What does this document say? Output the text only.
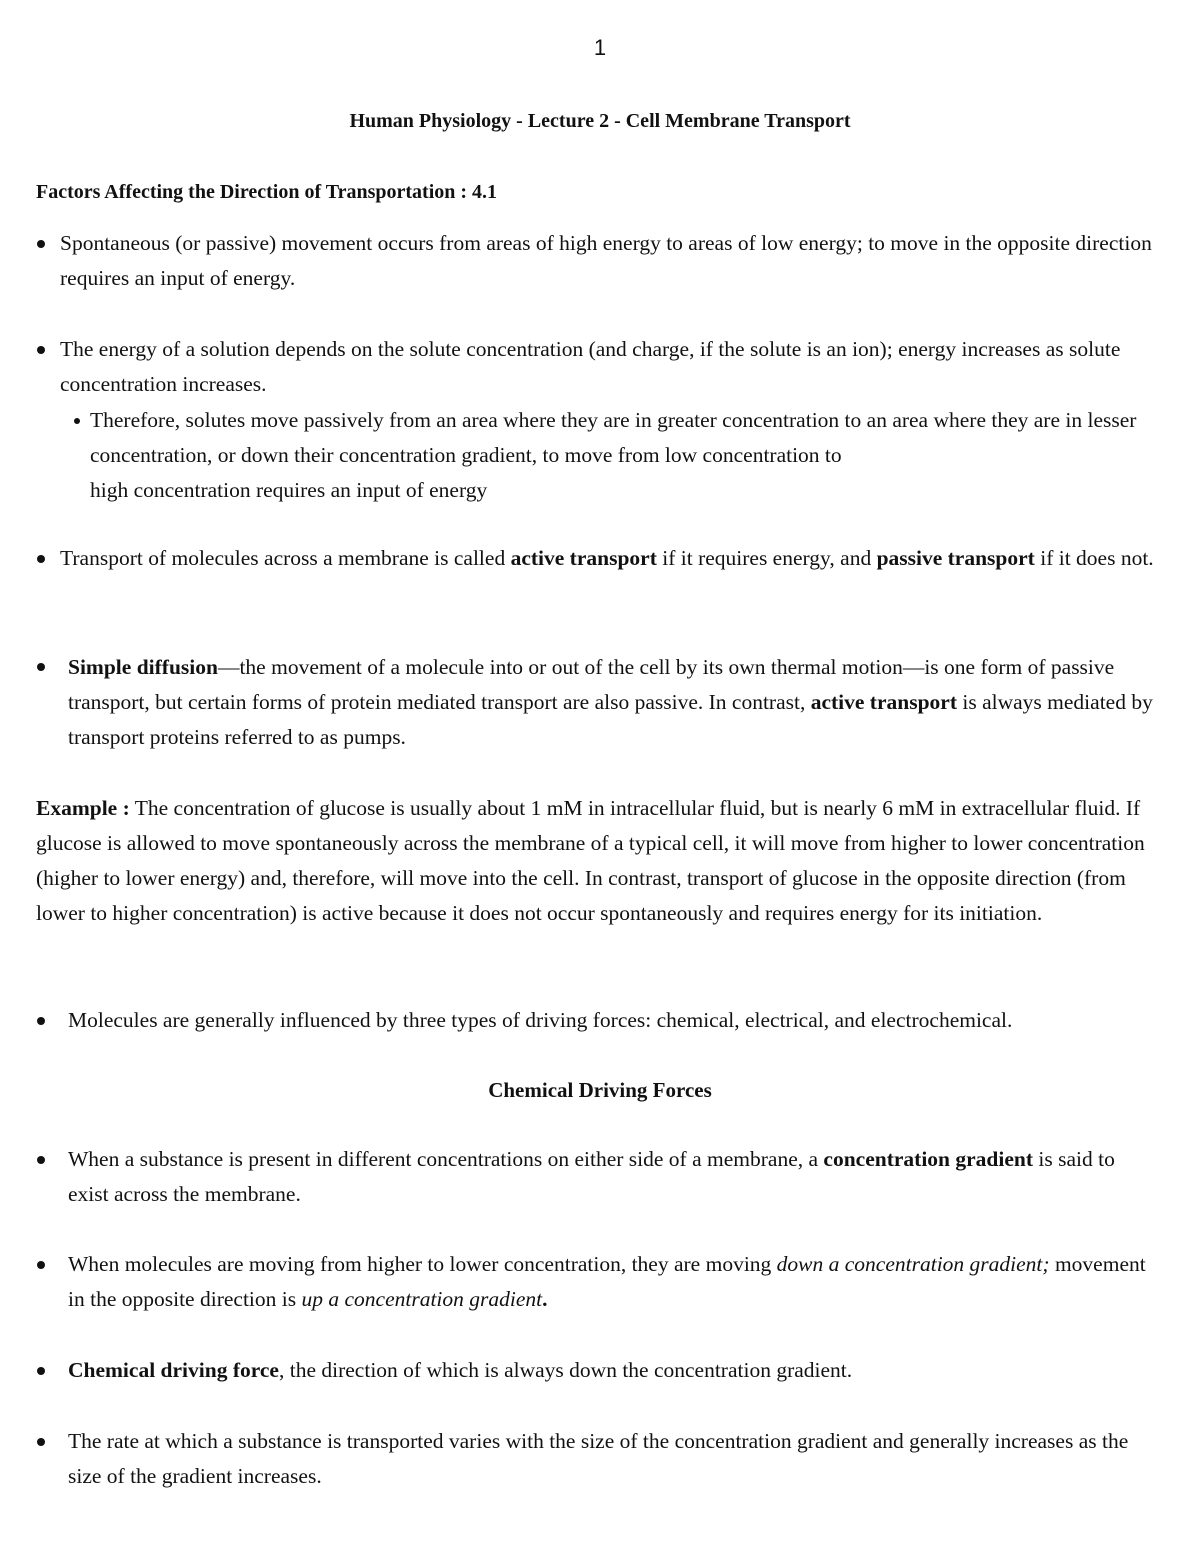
1
Human Physiology - Lecture 2 - Cell Membrane Transport
Factors Affecting the Direction of Transportation : 4.1
Spontaneous (or passive) movement occurs from areas of high energy to areas of low energy; to move in the opposite direction requires an input of energy.
The energy of a solution depends on the solute concentration (and charge, if the solute is an ion); energy increases as solute concentration increases.
Therefore, solutes move passively from an area where they are in greater concentration to an area where they are in lesser concentration, or down their concentration gradient, to move from low concentration to
high concentration requires an input of energy
Transport of molecules across a membrane is called active transport if it requires energy, and passive transport if it does not.
Simple diffusion—the movement of a molecule into or out of the cell by its own thermal motion—is one form of passive transport, but certain forms of protein mediated transport are also passive. In contrast, active transport is always mediated by transport proteins referred to as pumps.
Example : The concentration of glucose is usually about 1 mM in intracellular fluid, but is nearly 6 mM in extracellular fluid. If glucose is allowed to move spontaneously across the membrane of a typical cell, it will move from higher to lower concentration (higher to lower energy) and, therefore, will move into the cell. In contrast, transport of glucose in the opposite direction (from lower to higher concentration) is active because it does not occur spontaneously and requires energy for its initiation.
Molecules are generally influenced by three types of driving forces: chemical, electrical, and electrochemical.
Chemical Driving Forces
When a substance is present in different concentrations on either side of a membrane, a concentration gradient is said to exist across the membrane.
When molecules are moving from higher to lower concentration, they are moving down a concentration gradient; movement in the opposite direction is up a concentration gradient.
Chemical driving force, the direction of which is always down the concentration gradient.
The rate at which a substance is transported varies with the size of the concentration gradient and generally increases as the size of the gradient increases.
